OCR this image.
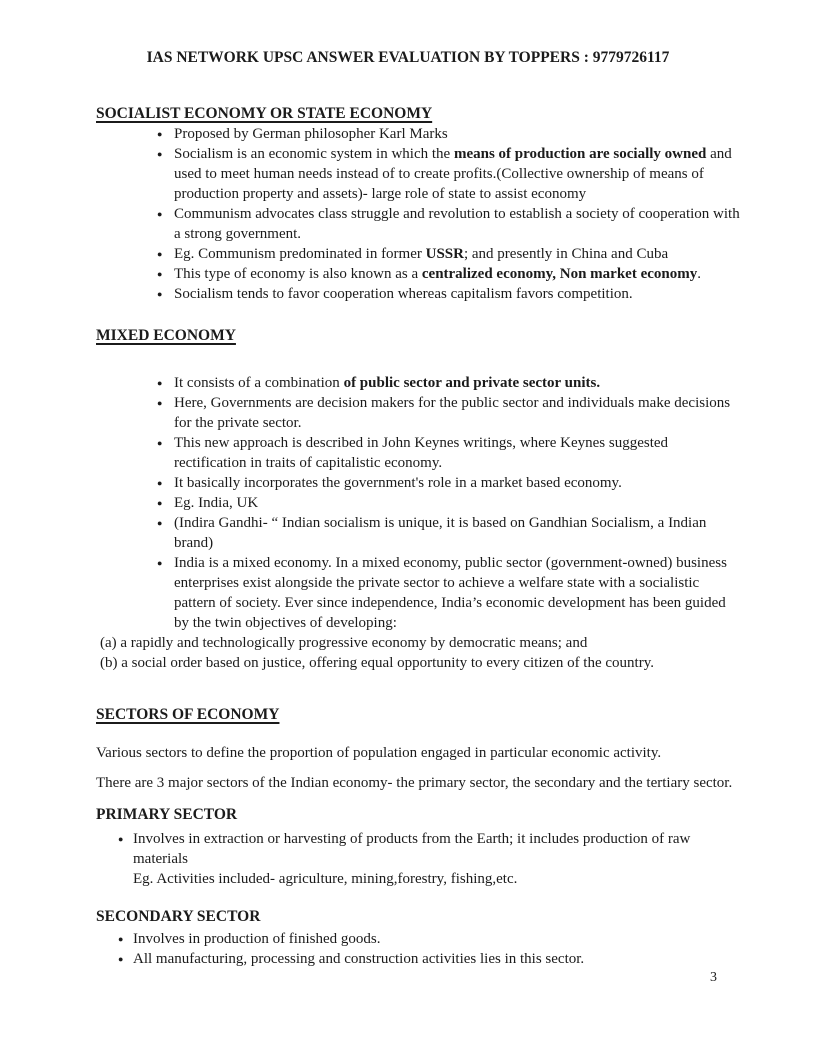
IAS NETWORK UPSC ANSWER EVALUATION BY TOPPERS : 9779726117
SOCIALIST ECONOMY OR STATE ECONOMY
● Proposed by German philosopher Karl Marks
● Socialism is an economic system in which the means of production are socially owned and used to meet human needs instead of to create profits.(Collective ownership of means of production property and assets)- large role of state to assist economy
● Communism advocates class struggle and revolution to establish a society of cooperation with a strong government.
● Eg. Communism predominated in former USSR; and presently in China and Cuba
● This type of economy is also known as a centralized economy, Non market economy.
● Socialism tends to favor cooperation whereas capitalism favors competition.
MIXED ECONOMY
● It consists of a combination of public sector and private sector units.
● Here, Governments are decision makers for the public sector and individuals make decisions for the private sector.
● This new approach is described in John Keynes writings, where Keynes suggested rectification in traits of capitalistic economy.
● It basically incorporates the government's role in a market based economy.
● Eg. India, UK
● (Indira Gandhi- “ Indian socialism is unique, it is based on Gandhian Socialism, a Indian brand)
● India is a mixed economy. In a mixed economy, public sector (government-owned) business enterprises exist alongside the private sector to achieve a welfare state with a socialistic pattern of society. Ever since independence, India’s economic development has been guided by the twin objectives of developing:
(a) a rapidly and technologically progressive economy by democratic means; and
(b) a social order based on justice, offering equal opportunity to every citizen of the country.
SECTORS OF ECONOMY

Various sectors to define the proportion of population engaged in particular economic activity.

There are 3 major sectors of the Indian economy- the primary sector, the secondary and the tertiary sector.

PRIMARY SECTOR
● Involves in extraction or harvesting of products from the Earth; it includes production of raw materials
Eg. Activities included- agriculture, mining,forestry, fishing,etc.
SECONDARY SECTOR
● Involves in production of finished goods.
● All manufacturing, processing and construction activities lies in this sector.
3
